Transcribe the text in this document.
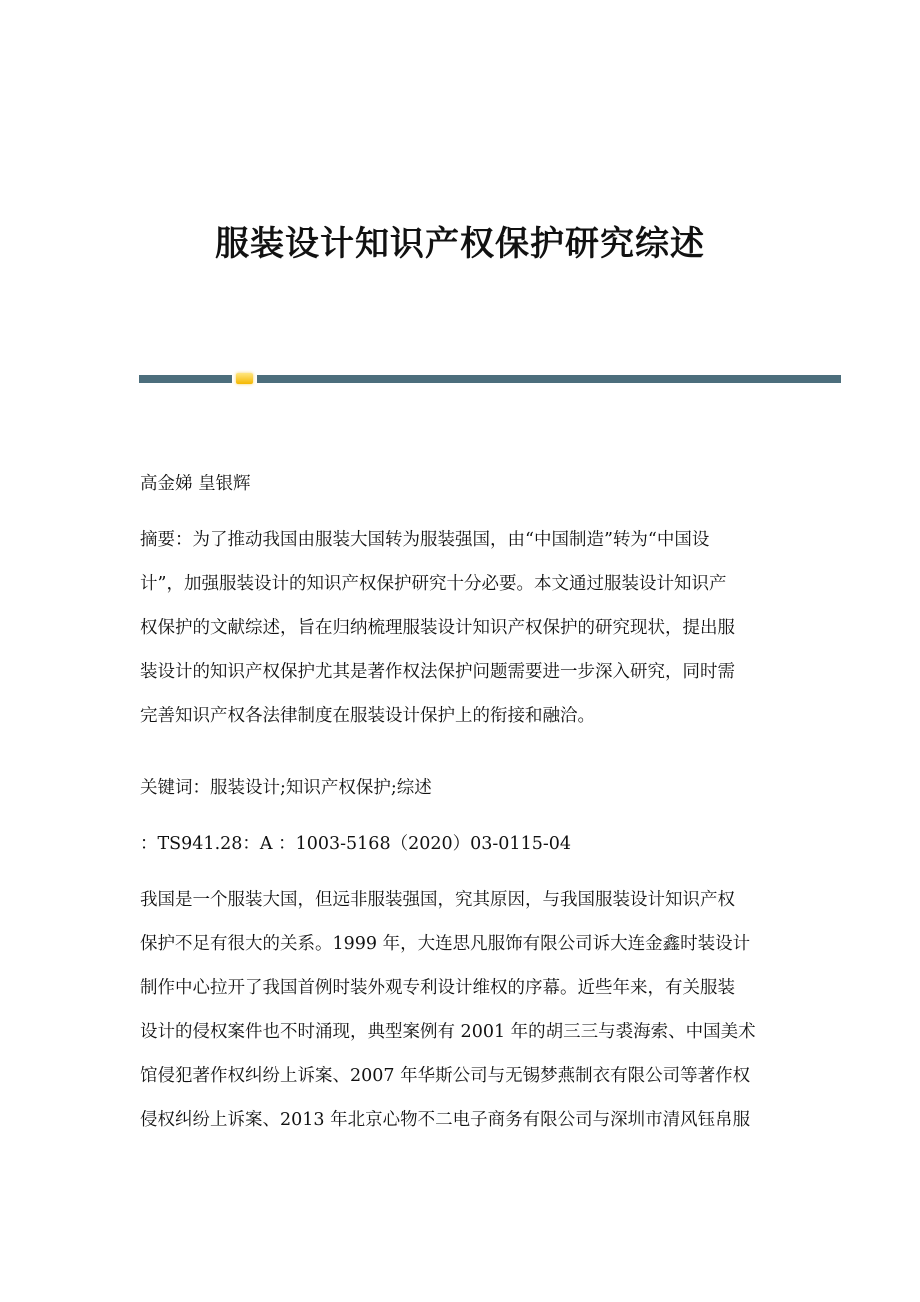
服装设计知识产权保护研究综述
高金娣 皇银辉
摘要：为了推动我国由服装大国转为服装强国，由“中国制造”转为“中国设
计”，加强服装设计的知识产权保护研究十分必要。本文通过服装设计知识产
权保护的文献综述，旨在归纳梳理服装设计知识产权保护的研究现状，提出服
装设计的知识产权保护尤其是著作权法保护问题需要进一步深入研究，同时需
完善知识产权各法律制度在服装设计保护上的衔接和融洽。
关键词：服装设计;知识产权保护;综述
：TS941.28：A ：1003-5168（2020）03-0115-04
我国是一个服装大国，但远非服装强国，究其原因，与我国服装设计知识产权
保护不足有很大的关系。1999 年，大连思凡服饰有限公司诉大连金鑫时装设计
制作中心拉开了我国首例时装外观专利设计维权的序幕。近些年来，有关服装
设计的侵权案件也不时涌现，典型案例有 2001 年的胡三三与裘海索、中国美术
馆侵犯著作权纠纷上诉案、2007 年华斯公司与无锡梦燕制衣有限公司等著作权
侵权纠纷上诉案、2013 年北京心物不二电子商务有限公司与深圳市清风钰帛服
